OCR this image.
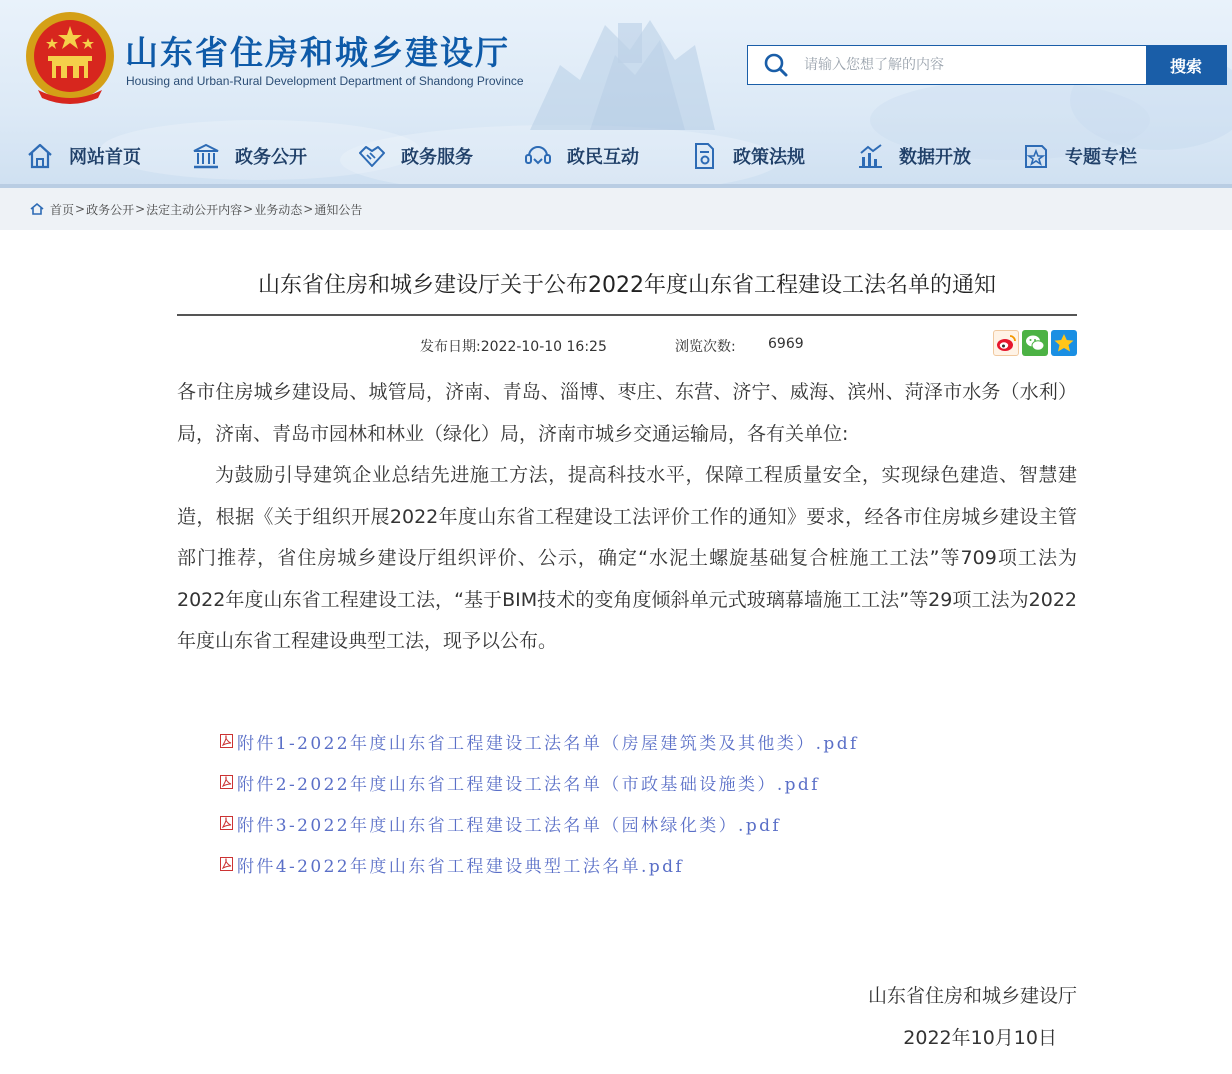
山东省住房和城乡建设厅
Housing and Urban-Rural Development Department of Shandong Province
请输入您想了解的内容
搜索
网站首页	政务公开	政务服务	政民互动	政策法规	数据开放	专题专栏
首页 > 政务公开 > 法定主动公开内容 > 业务动态 > 通知公告
山东省住房和城乡建设厅关于公布2022年度山东省工程建设工法名单的通知
发布日期:2022-10-10 16:25	浏览次数: 6969

各市住房城乡建设局、城管局，济南、青岛、淄博、枣庄、东营、济宁、威海、滨州、菏泽市水务（水利）局，济南、青岛市园林和林业（绿化）局，济南市城乡交通运输局，各有关单位:

为鼓励引导建筑企业总结先进施工方法，提高科技水平，保障工程质量安全，实现绿色建造、智慧建造，根据《关于组织开展2022年度山东省工程建设工法评价工作的通知》要求，经各市住房城乡建设主管部门推荐，省住房城乡建设厅组织评价、公示，确定“水泥土螺旋基础复合桩施工工法”等709项工法为2022年度山东省工程建设工法，“基于BIM技术的变角度倾斜单元式玻璃幕墙施工工法”等29项工法为2022年度山东省工程建设典型工法，现予以公布。

附件1-2022年度山东省工程建设工法名单（房屋建筑类及其他类）.pdf
附件2-2022年度山东省工程建设工法名单（市政基础设施类）.pdf
附件3-2022年度山东省工程建设工法名单（园林绿化类）.pdf
附件4-2022年度山东省工程建设典型工法名单.pdf
山东省住房和城乡建设厅
2022年10月10日
